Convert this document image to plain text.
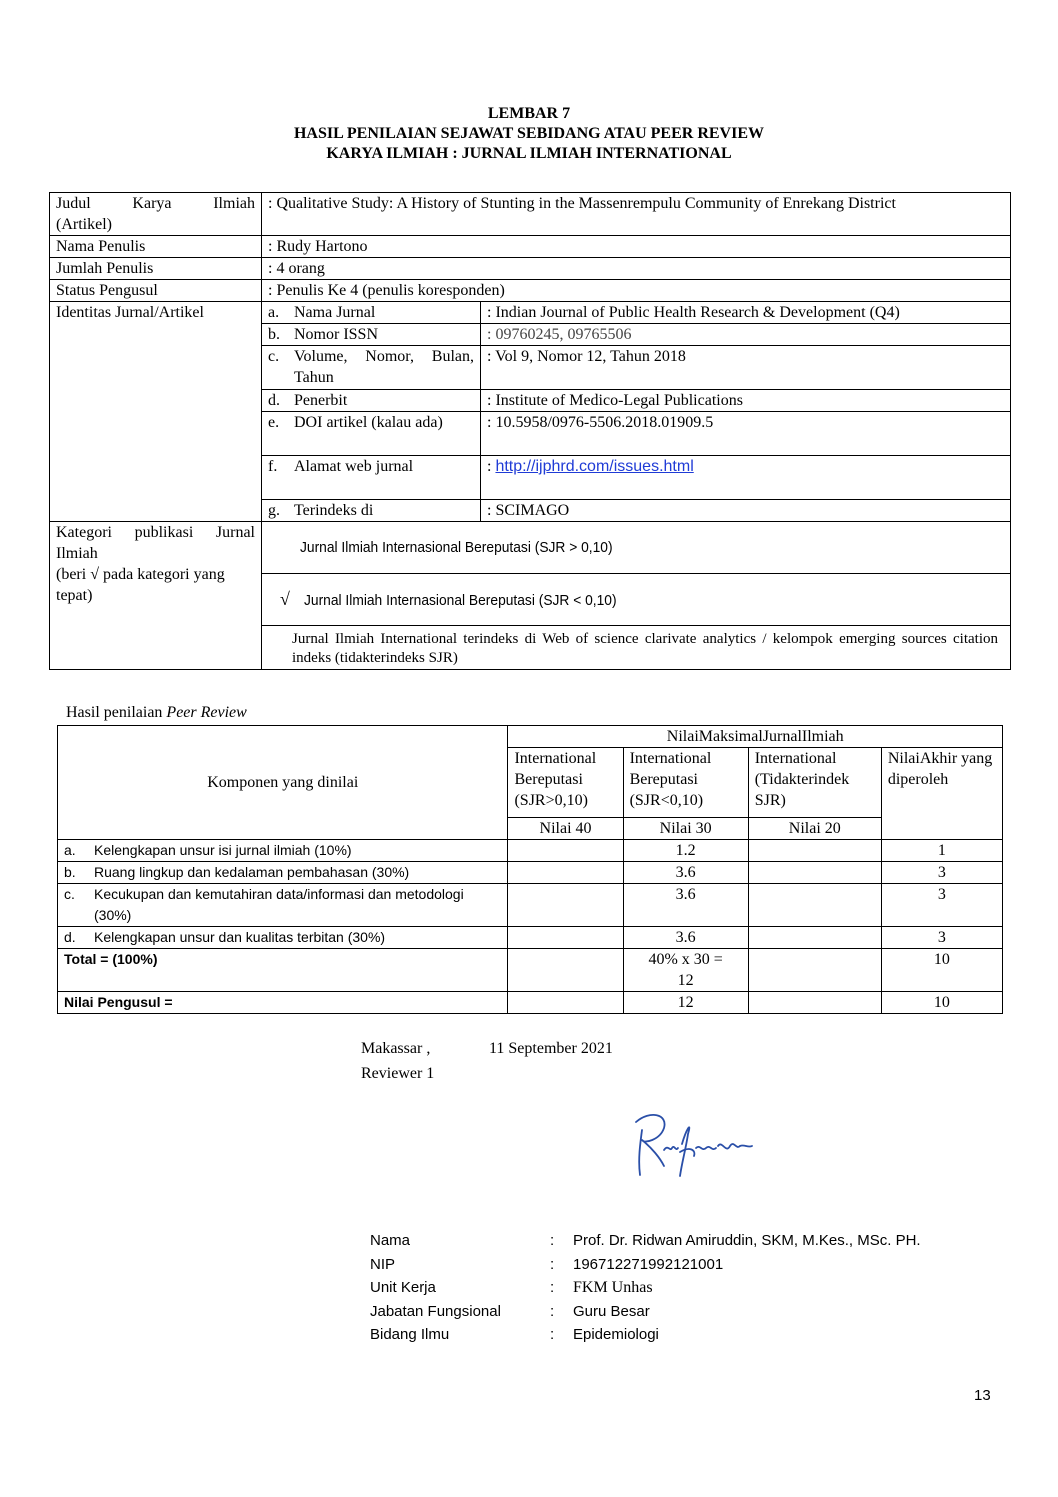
LEMBAR 7
HASIL PENILAIAN SEJAWAT SEBIDANG ATAU PEER REVIEW
KARYA ILMIAH : JURNAL ILMIAH INTERNATIONAL
Judul Karya Ilmiah
(Artikel)	: Qualitative Study: A History of Stunting in the Massenrempulu Community of Enrekang District	
Nama Penulis	: Rudy Hartono	
Jumlah Penulis	: 4 orang	
Status Pengusul	: Penulis Ke 4 (penulis koresponden)	
Identitas Jurnal/Artikel	a. Nama Jurnal	: Indian Journal of Public Health Research & Development (Q4)
	b. Nomor ISSN	: 09760245, 09765506

	c. Volume, Nomor, Bulan, Tahun	: Vol 9, Nomor 12, Tahun 2018
	d. Penerbit	: Institute of Medico-Legal Publications

	e. DOI artikel (kalau ada)	: 10.5958/0976-5506.2018.01909.5
	f. Alamat web jurnal	: http://ijphrd.com/issues.html
	g. Terindeks di	: SCIMAGO

Kategori publikasi Jurnal Ilmiah
(beri √ pada kategori yang tepat)	Jurnal Ilmiah Internasional Bereputasi (SJR > 0,10)	
	√ Jurnal Ilmiah Internasional Bereputasi (SJR < 0,10)	
	Jurnal Ilmiah International terindeks di Web of science clarivate analytics / kelompok emerging sources citation indeks (tidakterindeks SJR)	
Hasil penilaian Peer Review
Komponen yang dinilai	NilaiMaksimalJurnalIlmiah			
	International Bereputasi (SJR>0,10)	International Bereputasi (SJR<0,10)	International (Tidakterindek SJR)	NilaiAkhir yang diperoleh
	Nilai 40	Nilai 30	Nilai 20	
a. Kelengkapan unsur isi jurnal ilmiah (10%)		1.2		1
b. Ruang lingkup dan kedalaman pembahasan (30%)		3.6		3

c. Kecukupan dan kemutahiran data/informasi dan metodologi (30%)		3.6		3
d. Kelengkapan unsur dan kualitas terbitan (30%)		3.6		3
Total = (100%)		40% x 30 = 12		10
Nilai Pengusul =		12		10
Makassar ,	11 September 2021
Reviewer 1
Nama	: Prof. Dr. Ridwan Amiruddin, SKM, M.Kes., MSc. PH.
NIP	: 196712271992121001
Unit Kerja	: FKM Unhas
Jabatan Fungsional	: Guru Besar
Bidang Ilmu	: Epidemiologi
13
